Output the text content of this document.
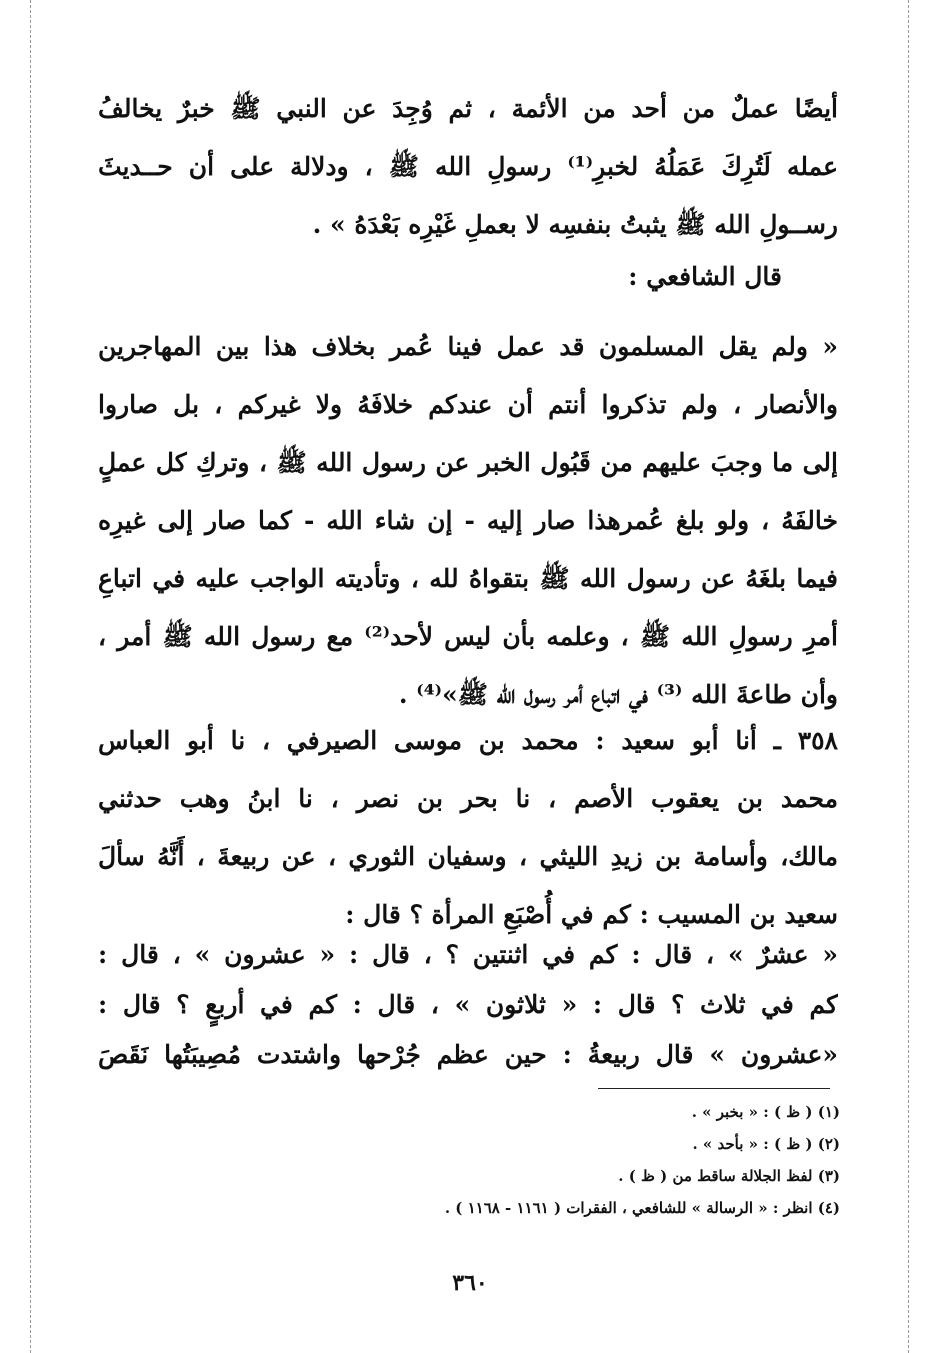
أيضًا عملٌ من أحد من الأئمة ، ثم وُجِدَ عن النبي ﷺ خبرٌ يخالفُ
عمله لَتُرِكَ عَمَلُهُ لخبرِ⁽¹⁾ رسولِ الله ﷺ ، ودلالة على أن حــديثَ
رســولِ الله ﷺ يثبتُ بنفسِه لا بعملِ غَيْرِه بَعْدَهُ » .
قال الشافعي :
« ولم يقل المسلمون قد عمل فينا عُمر بخلاف هذا بين المهاجرين
والأنصار ، ولم تذكروا أنتم أن عندكم خلافَهُ ولا غيركم ، بل صاروا
إلى ما وجبَ عليهم من قَبُول الخبر عن رسول الله ﷺ ، وتركِ كل عملٍ
خالفَهُ ، ولو بلغ عُمرهذا صار إليه - إن شاء الله - كما صار إلى غيرِه
فيما بلغَهُ عن رسول الله ﷺ بتقواهُ لله ، وتأديته الواجب عليه في اتباعِ
أمرِ رسولِ الله ﷺ ، وعلمه بأن ليس لأحد⁽²⁾ مع رسول الله ﷺ أمر ،
وأن طاعةَ الله ⁽³⁾ في اتباع أمر رسول الله ﷺ»⁽⁴⁾ .
٣٥٨ ـ أنا أبو سعيد : محمد بن موسى الصيرفي ، نا أبو العباس
محمد بن يعقوب الأصم ، نا بحر بن نصر ، نا ابنُ وهب حدثني
مالك، وأسامة بن زيدِ الليثي ، وسفيان الثوري ، عن ربيعةَ ، أَنَّهُ سألَ
سعيد بن المسيب : كم في أُصْبَعِ المرأة ؟ قال :
« عشرٌ » ، قال : كم في اثنتين ؟ ، قال : « عشرون » ، قال :
كم في ثلاث ؟ قال : « ثلاثون » ، قال : كم في أربعٍ ؟ قال :
«عشرون » قال ربيعةُ : حين عظم جُرْحها واشتدت مُصِيبَتُها نَقَصَ
(١) ( ظ ) : « بخبر » .
(٢) ( ظ ) : « بأحد » .
(٣) لفظ الجلالة ساقط من ( ظ ) .
(٤) انظر : « الرسالة » للشافعي ، الفقرات ( ١١٦١ - ١١٦٨ ) .
٣٦٠
